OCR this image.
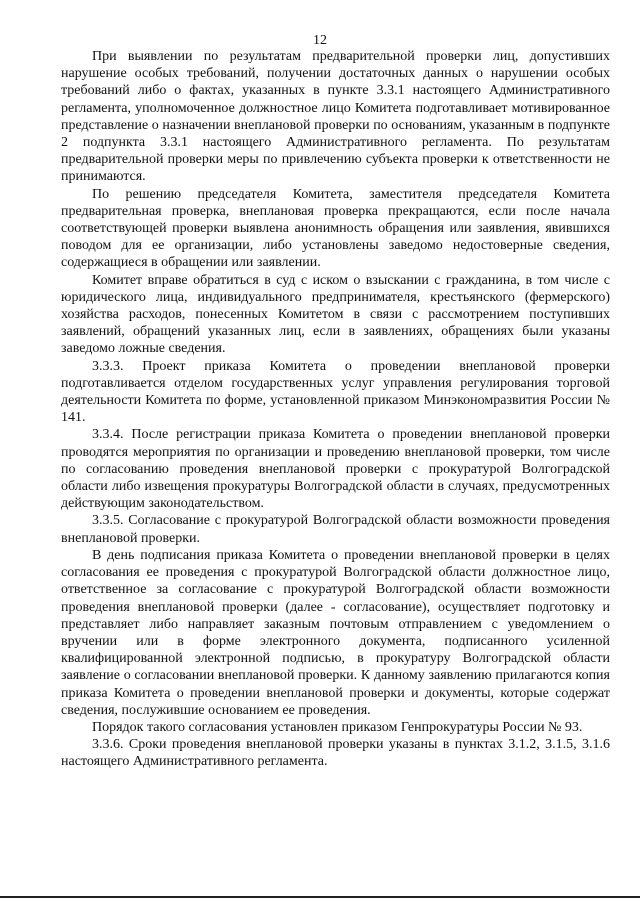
12

При выявлении по результатам предварительной проверки лиц, допустивших нарушение особых требований, получении достаточных данных о нарушении особых требований либо о фактах, указанных в пункте 3.3.1 настоящего Административного регламента, уполномоченное должностное лицо Комитета подготавливает мотивированное представление о назначении внеплановой проверки по основаниям, указанным в подпункте 2 подпункта 3.3.1 настоящего Административного регламента. По результатам предварительной проверки меры по привлечению субъекта проверки к ответственности не принимаются.

По решению председателя Комитета, заместителя председателя Комитета предварительная проверка, внеплановая проверка прекращаются, если после начала соответствующей проверки выявлена анонимность обращения или заявления, явившихся поводом для ее организации, либо установлены заведомо недостоверные сведения, содержащиеся в обращении или заявлении.

Комитет вправе обратиться в суд с иском о взыскании с гражданина, в том числе с юридического лица, индивидуального предпринимателя, крестьянского (фермерского) хозяйства расходов, понесенных Комитетом в связи с рассмотрением поступивших заявлений, обращений указанных лиц, если в заявлениях, обращениях были указаны заведомо ложные сведения.

3.3.3. Проект приказа Комитета о проведении внеплановой проверки подготавливается отделом государственных услуг управления регулирования торговой деятельности Комитета по форме, установленной приказом Минэкономразвития России № 141.

3.3.4. После регистрации приказа Комитета о проведении внеплановой проверки проводятся мероприятия по организации и проведению внеплановой проверки, том числе по согласованию проведения внеплановой проверки с прокуратурой Волгоградской области либо извещения прокуратуры Волгоградской области в случаях, предусмотренных действующим законодательством.

3.3.5. Согласование с прокуратурой Волгоградской области возможности проведения внеплановой проверки.

В день подписания приказа Комитета о проведении внеплановой проверки в целях согласования ее проведения с прокуратурой Волгоградской области должностное лицо, ответственное за согласование с прокуратурой Волгоградской области возможности проведения внеплановой проверки (далее - согласование), осуществляет подготовку и представляет либо направляет заказным почтовым отправлением с уведомлением о вручении или в форме электронного документа, подписанного усиленной квалифицированной электронной подписью, в прокуратуру Волгоградской области заявление о согласовании внеплановой проверки. К данному заявлению прилагаются копия приказа Комитета о проведении внеплановой проверки и документы, которые содержат сведения, послужившие основанием ее проведения.

Порядок такого согласования установлен приказом Генпрокуратуры России № 93.

3.3.6. Сроки проведения внеплановой проверки указаны в пунктах 3.1.2, 3.1.5, 3.1.6 настоящего Административного регламента.
